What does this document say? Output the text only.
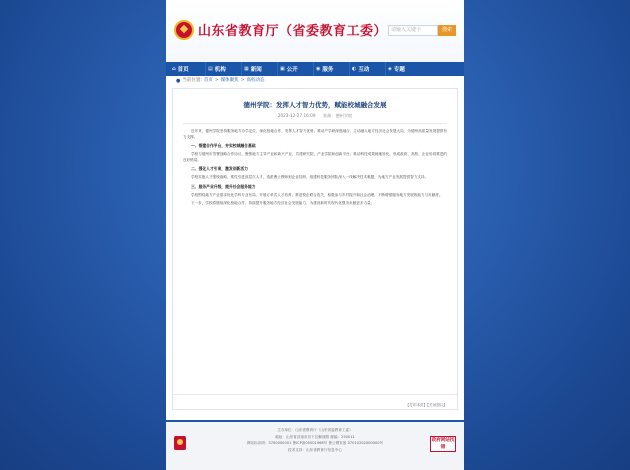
山东省教育厅（省委教育工委） 请输入关键字	搜索
⌂ 首页	▤ 机构	▦ 新闻	▣ 公开	◉ 服务	◐ 互动	◈ 专题
● 当前位置: 首页 > 媒体聚焦 > 高校动态
德州学院：发挥人才智力优势，赋能校城融合发展
2023-12-27 16:09 来源：德州学院

近年来，德州学院坚持服务地方办学定位，深化校地合作，发挥人才智力优势，推动产学研深度融合，主动融入地方经济社会发展大局，为德州高质量发展提供有力支撑。

一、搭建合作平台，夯实校城融合基础

学校与德州市签署战略合作协议，聚焦地方主导产业和新兴产业，共建研究院、产业学院和创新平台，推动科技成果就地转化，形成政府、高校、企业协同推进的良好格局。

二、强化人才引育，激发创新活力

学校实施人才强校战略，柔性引进高层次人才，选派博士教师到企业挂职，组建科技服务团队深入一线解决技术难题，为地方产业发展提供智力支持。

三、服务产业升级，提升社会服务能力

学校围绕地方产业需求优化学科专业布局，开展订单式人才培养，推进校企联合攻关，积极参与乡村振兴和社会治理，不断增强服务地方发展的能力与贡献度。

下一步，学校将继续深化校地合作，持续提升服务地方经济社会发展能力，为建设新时代现代化强市贡献更多力量。

【打印本页】【关闭窗口】
主办单位：山东省教育厅（山东省委教育工委）
地址：山东省济南市历下区解放路 邮编：250011
网站标识码：3700000001 鲁ICP备05001966号 鲁公网安备 37010202000000号
技术支持：山东省教育厅信息中心
政府网站找错
